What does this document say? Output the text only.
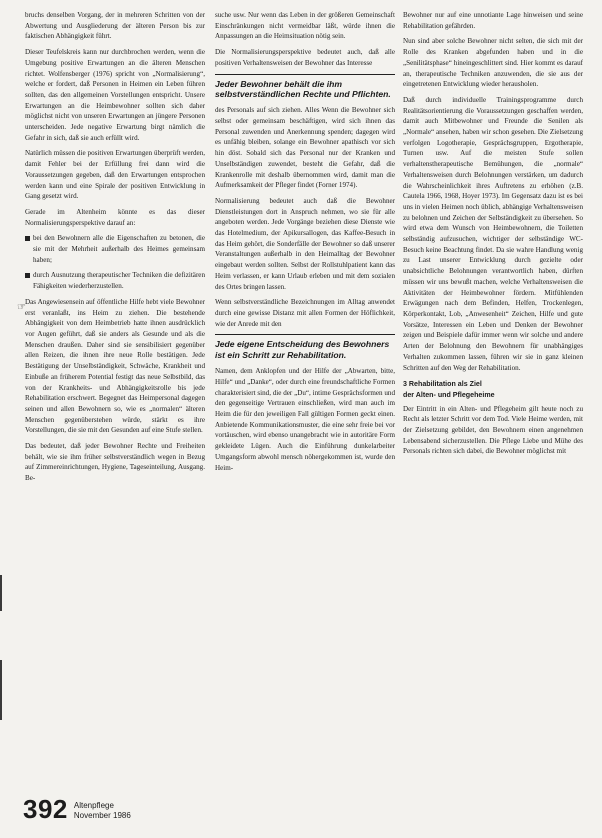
bruchs denselben Vorgang, der in mehreren Schritten von der Abwertung und Ausgliederung der älteren Person bis zur faktischen Abhängigkeit führt.

Dieser Teufelskreis kann nur durchbrochen werden, wenn die Umgebung positive Erwartungen an die älteren Menschen richtet. Wolfensberger (1976) spricht von „Normalisierung“, welche er fordert, daß Personen in Heimen ein Leben führen sollten, das den allgemeinen Vorstellungen entspricht. Unsere Erwartungen an die Heimbewohner sollten sich daher möglichst nicht von unseren Erwartungen an jüngere Personen unterscheiden. Jede negative Erwartung birgt nämlich die Gefahr in sich, daß sie auch erfüllt wird.

Natürlich müssen die positiven Erwartungen überprüft werden, damit Fehler bei der Erfüllung frei dann wird die Voraussetzungen gegeben, daß den Erwartungen entsprochen werden kann und eine Spirale der positiven Entwicklung in Gang gesetzt wird.

Gerade im Altenheim könnte es das dieser Normalisierungsperspektive darauf an:

bei den Bewohnern alle die Eigenschaften zu betonen, die sie mit der Mehrheit außerhalb des Heimes gemeinsam haben;

durch Ausnutzung therapeutischer Techniken die defizitären Fähigkeiten wiederherzustellen.

Das Angewiesensein auf öffentliche Hilfe hebt viele Bewohner erst veranlaßt, ins Heim zu ziehen. Die bestehende Abhängigkeit von dem Heimbetrieb hatte ihnen ausdrücklich vor Augen geführt, daß sie anders als Gesunde und als die Menschen draußen. Daher sind sie sensibilisiert gegenüber allen Reizen, die ihnen ihre neue Rolle bestätigen. Jede Bestätigung der Unselbständigkeit, Schwäche, Krankheit und Einbuße an früherem Potential festigt das neue Selbstbild, das von der Krankheits- und Abhängigkeitsrolle bis jede Rehabilitation erschwert. Begegnet das Heimpersonal dagegen seinen und allen Bewohnern so, wie es „normalen“ älteren Menschen gegenüberstehen würde, stärkt es ihre Vorstellungen, die sie mit den Gesunden auf eine Stufe stellen.

Das bedeutet, daß jeder Bewohner Rechte und Freiheiten behält, wie sie ihm früher selbstverständlich wegen in Bezug auf Zimmereinrichtungen, Hygiene, Tageseinteilung, Ausgang. Be-

suche usw. Nur wenn das Leben in der größeren Gemeinschaft Einschränkungen nicht vermeidbar läßt, würde ihnen die Anpassungen an die Heimsituation nötig sein.

Die Normalisierungsperspektive bedeutet auch, daß alle positiven Verhaltensweisen der Bewohner das Interesse

Jeder Bewohner behält die ihm selbstverständlichen Rechte und Pflichten.

des Personals auf sich ziehen. Alles Wenn die Bewohner sich selbst oder gemeinsam beschäftigen, wird sich ihnen das Personal zuwenden und Anerkennung spenden; dagegen wird es unfähig bleiben, solange ein Bewohner apathisch vor sich hin döst. Sobald sich das Personal nur der Kranken und Unselbständigen zuwendet, besteht die Gefahr, daß die Krankenrolle mit deshalb übernommen wird, damit man die Aufmerksamkeit der Pfleger findet (Forner 1974).

Normalisierung bedeutet auch daß die Bewohner Dienstleistungen dort in Anspruch nehmen, wo sie für alle angeboten werden. Jede Vorgänge beziehen diese Dienste wie das Hotelmedium, der Apikursallogen, das Kaffee-Besuch in das Heim gehört, die Sonderfälle der Bewohner so daß unserer Veranstaltungen außerhalb in den Heimalltag der Bewohner eingebaut werden sollten. Selbst der Rollstuhlpatient kann das Heim verlassen, er kann Urlaub erleben und mit dem sozialen des Ortes bringen lassen.

Wenn selbstverständliche Bezeichnungen im Alltag anwendet durch eine gewisse Distanz mit allen Formen der Höflichkeit, wie der Anrede mit den

Jede eigene Entscheidung des Bewohners ist ein Schritt zur Rehabilitation.

Namen, dem Anklopfen und der Hilfe der „Abwarten, bitte, Hilfe“ und „Danke“, oder durch eine freundschaftliche Formen charakterisiert sind, die der „Du“, intime Gesprächsformen und den gegenseitige Vertrauen einschließen, wird man auch im Heim die für den jeweiligen Fall gültigen Formen geckt einen. Anbietende Kommunikationsmuster, die eine sehr freie bei vor vortäuschen, wird ebenso unangebracht wie in autoritäre Form gekleidete Lügen. Auch die Einführung dunkelarbeiter Umgangsform abwohl mensch nöhergekommen ist, wurde den Heim-

Bewohner nur auf eine unnotiante Lage hinweisen und seine Rehabilitation gefährden.

Nun sind aber solche Bewohner nicht selten, die sich mit der Rolle des Kranken abgefunden haben und in die „Senilitätsphase“ hineingeschlittert sind. Hier kommt es darauf an, therapeutische Techniken anzuwenden, die sie aus der eingetretenen Entwicklung wieder herausholen.

Daß durch individuelle Trainingsprogramme durch Realitätsorientierung die Voraussetzungen geschaffen werden, damit auch Mitbewohner und Freunde die Senilen als „Normale“ ansehen, haben wir schon gesehen. Die Zielsetzung verfolgen Logotherapie, Gesprächsgruppen, Ergotherapie, Turnen usw. Auf die meisten Stufe sollen verhaltenstherapeutische Bemühungen, die „normale“ Verhaltensweisen durch Belohnungen verstärken, um dadurch die Wahrscheinlichkeit ihres Auftretens zu erhöhen (z.B. Cautela 1966, 1968, Hoyer 1973). Im Gegensatz dazu ist es bei uns in vielen Heimen noch üblich, abhängige Verhaltensweisen zu belohnen und Zeichen der Selbständigkeit zu übersehen. So wird etwa dem Wunsch von Heimbewohnern, die Toiletten selbständig aufzusuchen, wichtiger der selbständige WC-Besuch keine Beachtung findet. Da sie wahre Handlung wenig zu Last unserer Entwicklung durch gezielte oder unabsichtliche Belohnungen verantwortlich haben, dürften müssen wir uns bewußt machen, welche Verhaltensweisen die Aktivitäten der Heimbewohner fördern. Mitfühlenden Erwägungen nach dem Befinden, Helfen, Trockenlegen, Körperkontakt, Lob, „Anwesenheit“ Zeichen, Hilfe und gute Vorsätze, Interessen ein Leben und Denken der Bewohner zeigen und Beispiele dafür immer wenn wir solche und andere Arten der Belohnung den Bewohnern für unabhängiges Verhalten zukommen lassen, führen wir sie in ganz kleinen Schritten auf den Weg der Rehabilitation.

3 Rehabilitation als Ziel
der Alten- und Pflegeheime

Der Eintritt in ein Alten- und Pflegeheim gilt heute noch zu Recht als letzter Schritt vor dem Tod. Viele Heime werden, mit der Zielsetzung gebildet, den Bewohnern einen angenehmen Lebensabend sicherzustellen. Die Pflege Liebe und Mühe des Personals richten sich dabei, die Bewohner möglichst mit

☞
392 Altenpflege
November 1986
